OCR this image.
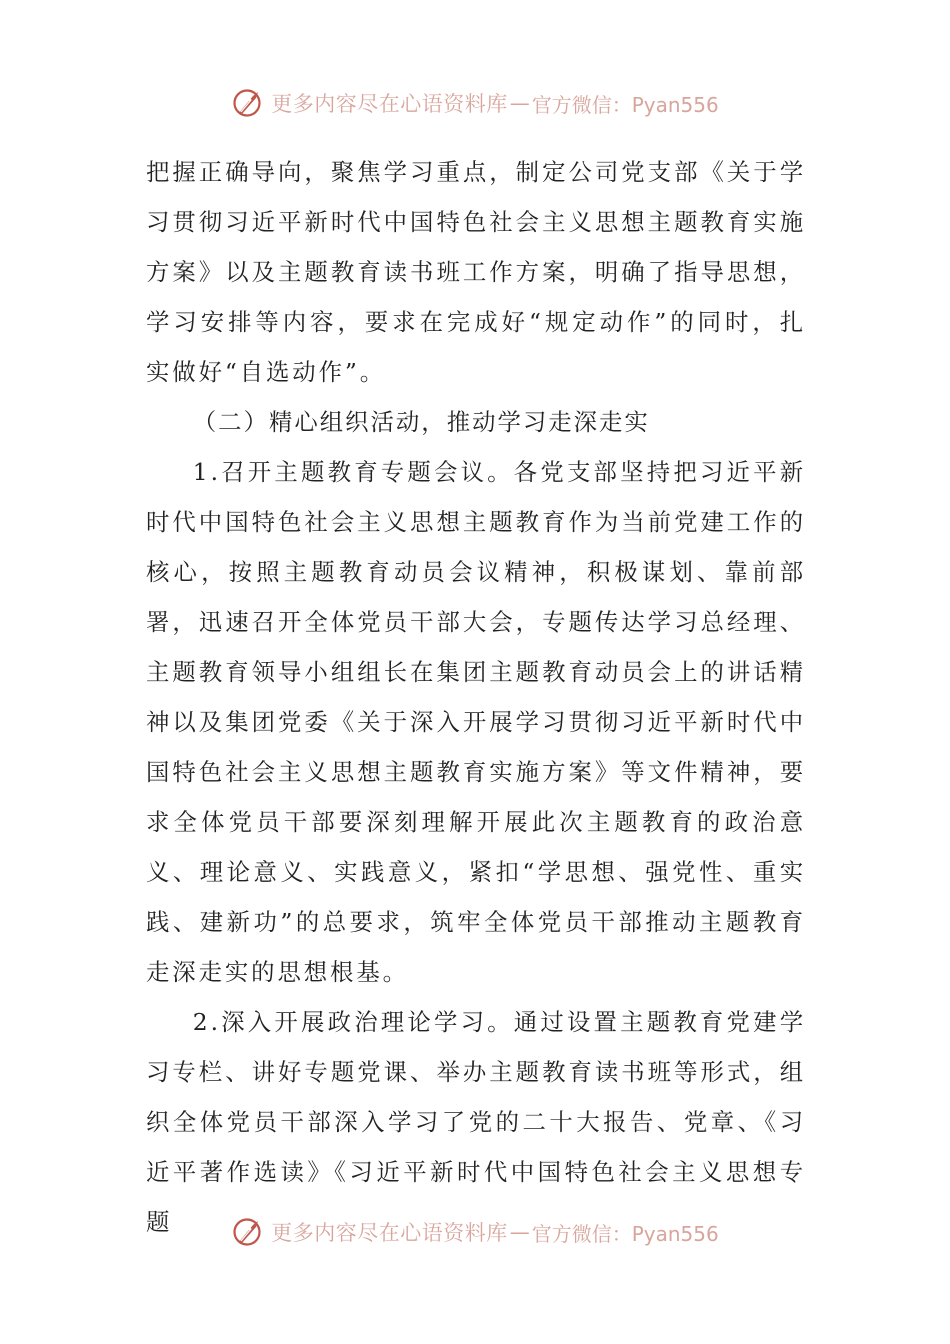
更多内容尽在心语资料库 — 官方微信：Pyan556

把握正确导向，聚焦学习重点，制定公司党支部《关于学习贯彻习近平新时代中国特色社会主义思想主题教育实施方案》以及主题教育读书班工作方案，明确了指导思想，学习安排等内容，要求在完成好“规定动作”的同时，扎实做好“自选动作”。

（二）精心组织活动，推动学习走深走实

1.召开主题教育专题会议。各党支部坚持把习近平新时代中国特色社会主义思想主题教育作为当前党建工作的核心，按照主题教育动员会议精神，积极谋划、靠前部署，迅速召开全体党员干部大会，专题传达学习总经理、主题教育领导小组组长在集团主题教育动员会上的讲话精神以及集团党委《关于深入开展学习贯彻习近平新时代中国特色社会主义思想主题教育实施方案》等文件精神，要求全体党员干部要深刻理解开展此次主题教育的政治意义、理论意义、实践意义，紧扣“学思想、强党性、重实践、建新功”的总要求，筑牢全体党员干部推动主题教育走深走实的思想根基。

2.深入开展政治理论学习。通过设置主题教育党建学习专栏、讲好专题党课、举办主题教育读书班等形式，组织全体党员干部深入学习了党的二十大报告、党章、《习近平著作选读》《习近平新时代中国特色社会主义思想专题	更多内容尽在心语资料库 — 官方微信：Pyan556
